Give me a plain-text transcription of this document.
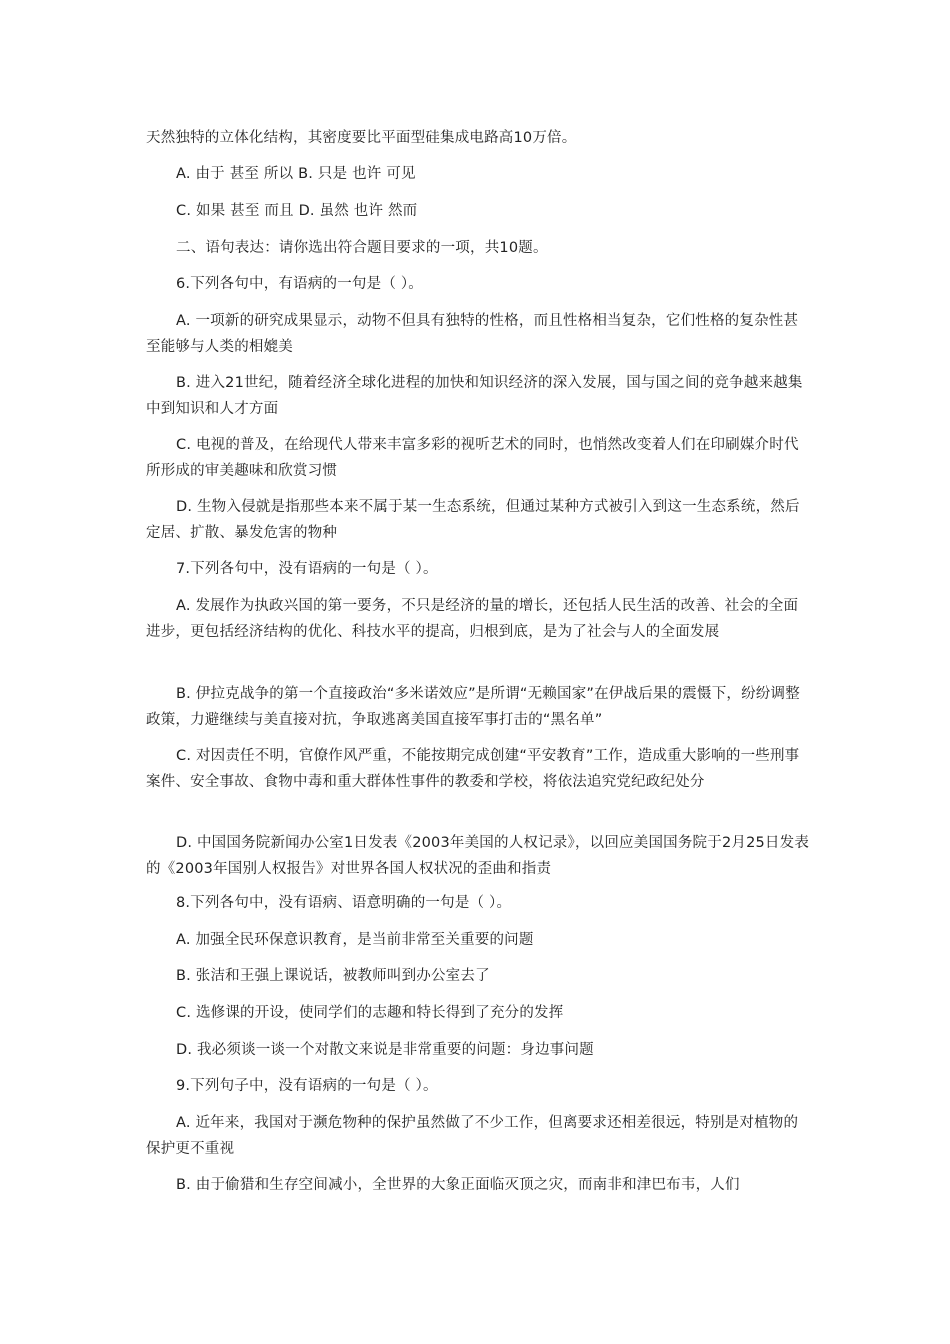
天然独特的立体化结构，其密度要比平面型硅集成电路高10万倍。

A. 由于 甚至 所以 B. 只是 也许 可见

C. 如果 甚至 而且 D. 虽然 也许 然而

二、语句表达：请你选出符合题目要求的一项，共10题。

6.下列各句中，有语病的一句是（ ）。

A. 一项新的研究成果显示，动物不但具有独特的性格，而且性格相当复杂，它们性格的复杂性甚至能够与人类的相媲美

B. 进入21世纪，随着经济全球化进程的加快和知识经济的深入发展，国与国之间的竞争越来越集中到知识和人才方面

C. 电视的普及，在给现代人带来丰富多彩的视听艺术的同时，也悄然改变着人们在印刷媒介时代所形成的审美趣味和欣赏习惯

D. 生物入侵就是指那些本来不属于某一生态系统，但通过某种方式被引入到这一生态系统，然后定居、扩散、暴发危害的物种

7.下列各句中，没有语病的一句是（ ）。

A. 发展作为执政兴国的第一要务，不只是经济的量的增长，还包括人民生活的改善、社会的全面进步，更包括经济结构的优化、科技水平的提高，归根到底，是为了社会与人的全面发展

B. 伊拉克战争的第一个直接政治“多米诺效应”是所谓“无赖国家”在伊战后果的震慑下，纷纷调整政策，力避继续与美直接对抗，争取逃离美国直接军事打击的“黑名单”

C. 对因责任不明，官僚作风严重，不能按期完成创建“平安教育”工作，造成重大影响的一些刑事案件、安全事故、食物中毒和重大群体性事件的教委和学校，将依法追究党纪政纪处分

D. 中国国务院新闻办公室1日发表《2003年美国的人权记录》，以回应美国国务院于2月25日发表的《2003年国别人权报告》对世界各国人权状况的歪曲和指责

8.下列各句中，没有语病、语意明确的一句是（ ）。

A. 加强全民环保意识教育，是当前非常至关重要的问题

B. 张洁和王强上课说话，被教师叫到办公室去了

C. 选修课的开设，使同学们的志趣和特长得到了充分的发挥

D. 我必须谈一谈一个对散文来说是非常重要的问题：身边事问题

9.下列句子中，没有语病的一句是（ ）。

A. 近年来，我国对于濒危物种的保护虽然做了不少工作，但离要求还相差很远，特别是对植物的保护更不重视

B. 由于偷猎和生存空间减小，全世界的大象正面临灭顶之灾，而南非和津巴布韦，人们
